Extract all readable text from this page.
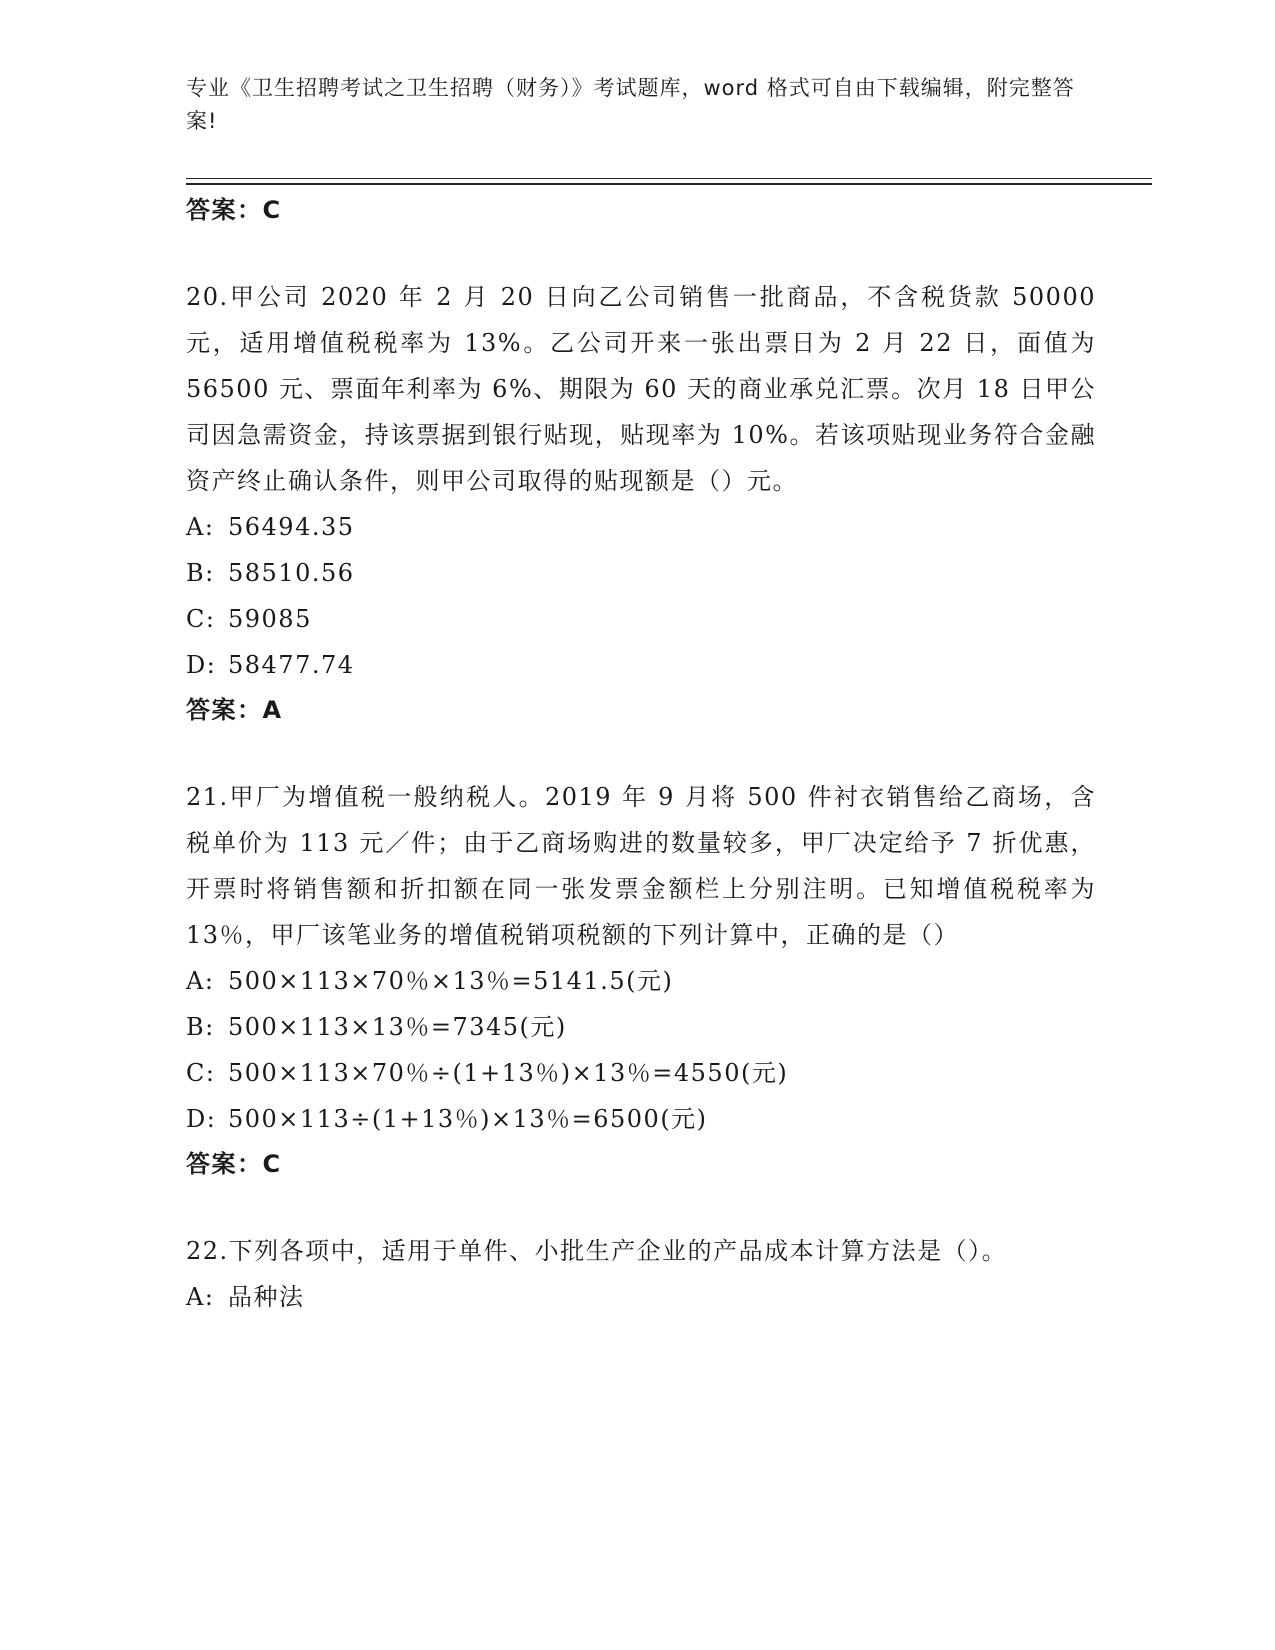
专业《卫生招聘考试之卫生招聘（财务）》考试题库，word 格式可自由下载编辑，附完整答案!

答案：C

20.甲公司 2020 年 2 月 20 日向乙公司销售一批商品，不含税货款 50000 元，适用增值税税率为 13%。乙公司开来一张出票日为 2 月 22 日，面值为 56500 元、票面年利率为 6%、期限为 60 天的商业承兑汇票。次月 18 日甲公司因急需资金，持该票据到银行贴现，贴现率为 10%。若该项贴现业务符合金融资产终止确认条件，则甲公司取得的贴现额是（）元。

A: 56494.35

B: 58510.56

C: 59085

D: 58477.74

答案：A

21.甲厂为增值税一般纳税人。2019 年 9 月将 500 件衬衣销售给乙商场，含税单价为 113 元／件；由于乙商场购进的数量较多，甲厂决定给予 7 折优惠，开票时将销售额和折扣额在同一张发票金额栏上分别注明。已知增值税税率为 13％，甲厂该笔业务的增值税销项税额的下列计算中，正确的是（）

A: 500×113×70％×13％=5141.5(元)

B: 500×113×13％=7345(元)

C: 500×113×70％÷(1+13％)×13％=4550(元)

D: 500×113÷(1+13％)×13％=6500(元)

答案：C

22.下列各项中，适用于单件、小批生产企业的产品成本计算方法是（）。

A: 品种法
